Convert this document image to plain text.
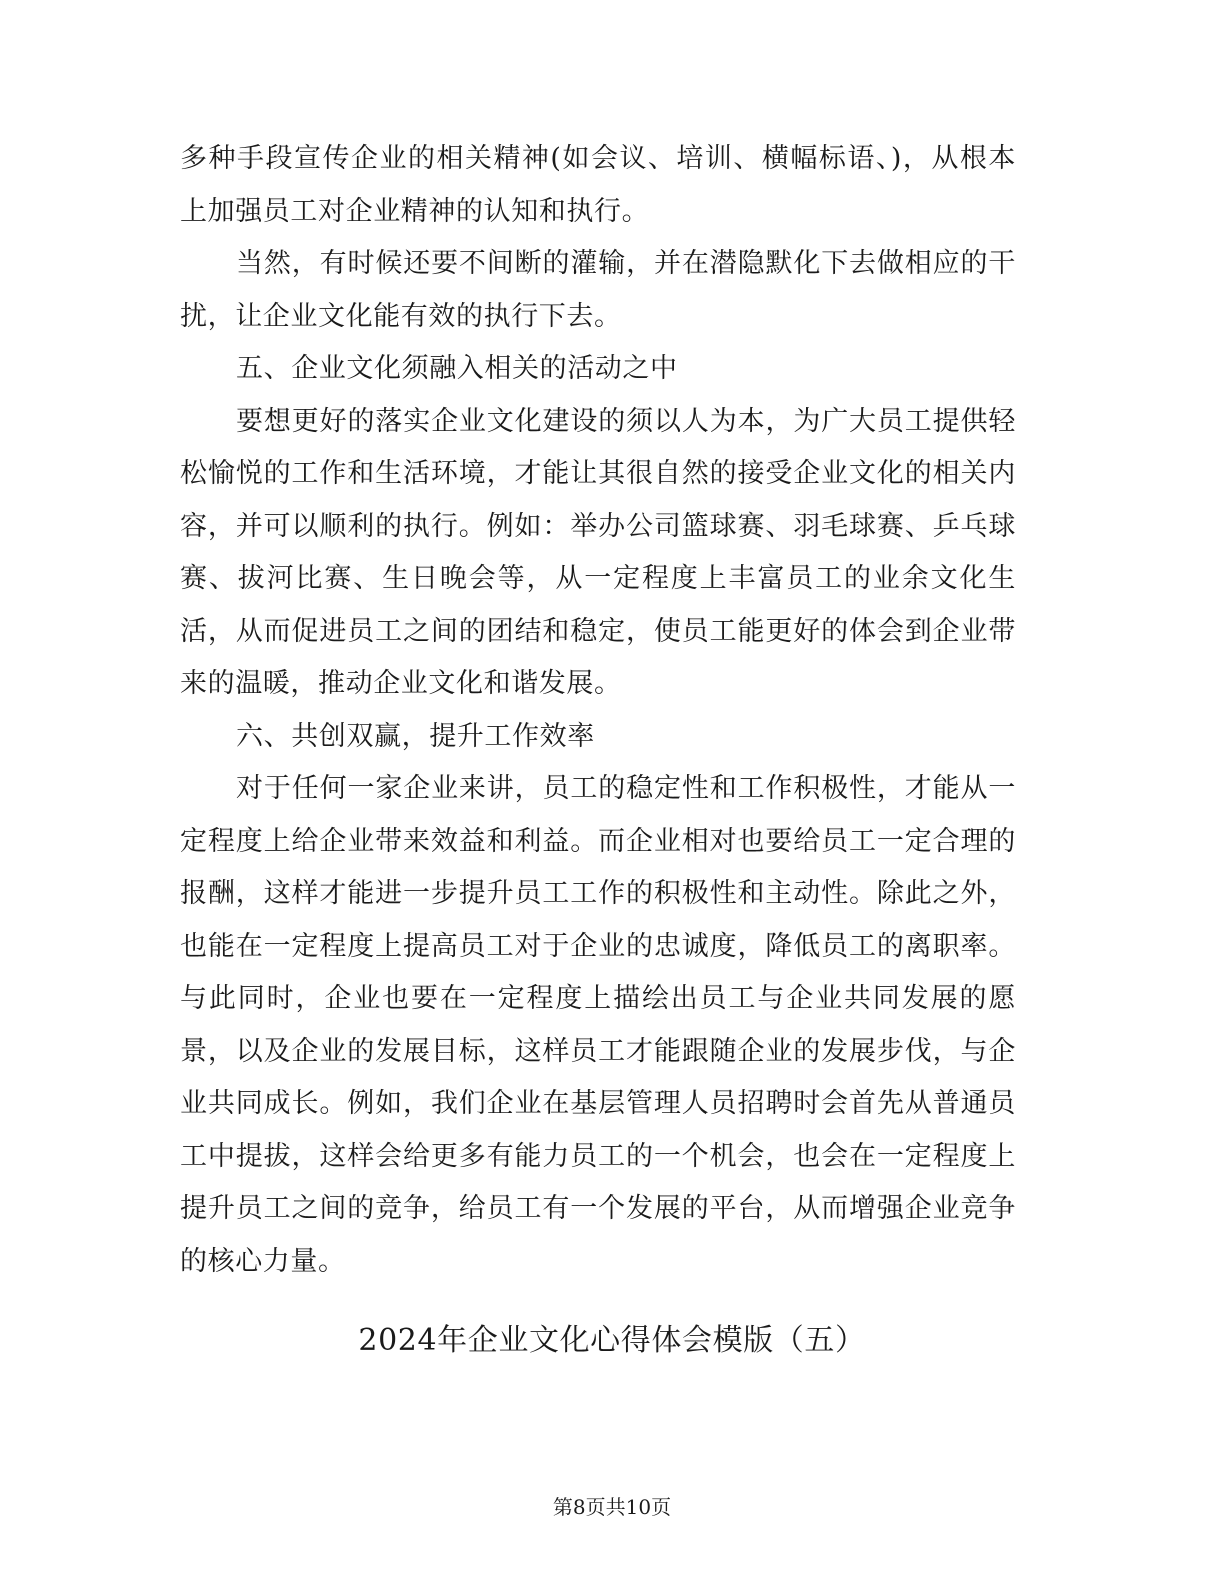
多种手段宣传企业的相关精神(如会议、培训、横幅标语、)，从根本上加强员工对企业精神的认知和执行。

当然，有时候还要不间断的灌输，并在潜隐默化下去做相应的干扰，让企业文化能有效的执行下去。

五、企业文化须融入相关的活动之中

要想更好的落实企业文化建设的须以人为本，为广大员工提供轻松愉悦的工作和生活环境，才能让其很自然的接受企业文化的相关内容，并可以顺利的执行。例如：举办公司篮球赛、羽毛球赛、乒乓球赛、拔河比赛、生日晚会等，从一定程度上丰富员工的业余文化生活，从而促进员工之间的团结和稳定，使员工能更好的体会到企业带来的温暖，推动企业文化和谐发展。

六、共创双赢，提升工作效率

对于任何一家企业来讲，员工的稳定性和工作积极性，才能从一定程度上给企业带来效益和利益。而企业相对也要给员工一定合理的报酬，这样才能进一步提升员工工作的积极性和主动性。除此之外，也能在一定程度上提高员工对于企业的忠诚度，降低员工的离职率。与此同时，企业也要在一定程度上描绘出员工与企业共同发展的愿景，以及企业的发展目标，这样员工才能跟随企业的发展步伐，与企业共同成长。例如，我们企业在基层管理人员招聘时会首先从普通员工中提拔，这样会给更多有能力员工的一个机会，也会在一定程度上提升员工之间的竞争，给员工有一个发展的平台，从而增强企业竞争的核心力量。

2024年企业文化心得体会模版（五）
第8页共10页
